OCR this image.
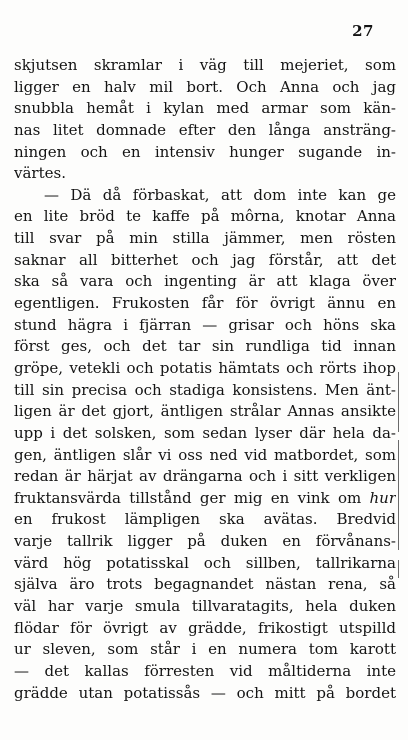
27
skjutsen skramlar i väg till mejeriet, som
ligger en halv mil bort. Och Anna och jag
snubbla hemåt i kylan med armar som kän-
nas litet domnade efter den långa ansträng-
ningen och en intensiv hunger sugande in-
värtes.
— Dä då förbaskat, att dom inte kan ge
en lite bröd te kaffe på môrna, knotar Anna
till svar på min stilla jämmer, men rösten
saknar all bitterhet och jag förstår, att det
ska så vara och ingenting är att klaga över
egentligen. Frukosten får för övrigt ännu en
stund hägra i fjärran — grisar och höns ska
först ges, och det tar sin rundliga tid innan
gröpe, vetekli och potatis hämtats och rörts ihop
till sin precisa och stadiga konsistens. Men änt-
ligen är det gjort, äntligen strålar Annas ansikte
upp i det solsken, som sedan lyser där hela da-
gen, äntligen slår vi oss ned vid matbordet, som
redan är härjat av drängarna och i sitt verkligen
fruktansvärda tillstånd ger mig en vink om hur
en frukost lämpligen ska avätas. Bredvid
varje tallrik ligger på duken en förvånans-
värd hög potatisskal och sillben, tallrikarna
själva äro trots begagnandet nästan rena, så
väl har varje smula tillvaratagits, hela duken
flödar för övrigt av grädde, frikostigt utspilld
ur sleven, som står i en numera tom karott
— det kallas förresten vid måltiderna inte
grädde utan potatissås — och mitt på bordet
